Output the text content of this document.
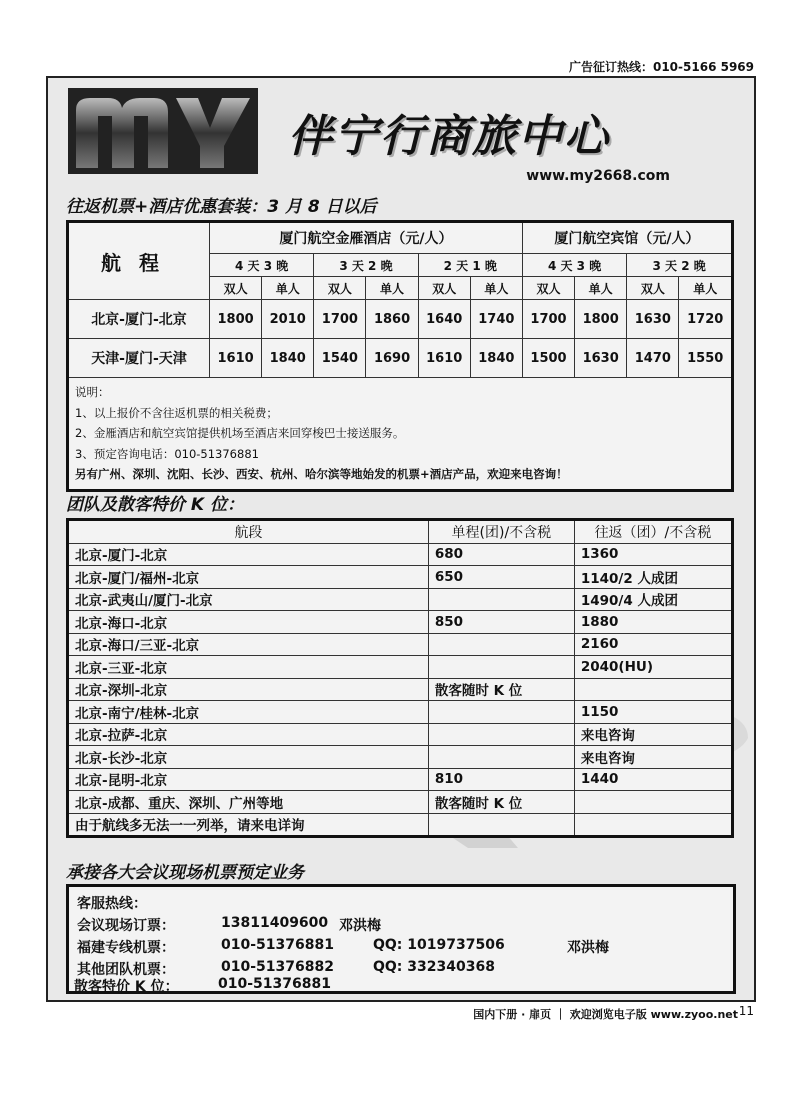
广告征订热线：010-5166 5969
伴宁行商旅中心
www.my2668.com
往返机票+酒店优惠套装：3 月 8 日以后
航程	厦门航空金雁酒店（元/人）						厦门航空宾馆（元/人）			
	4 天 3 晚		3 天 2 晚		2 天 1 晚		4 天 3 晚		3 天 2 晚	
	双人	单人	双人	单人	双人	单人	双人	单人	双人	单人
北京-厦门-北京	1800	2010	1700	1860	1640	1740	1700	1800	1630	1720
天津-厦门-天津	1610	1840	1540	1690	1610	1840	1500	1630	1470	1550

说明：
1、以上报价不含往返机票的相关税费；
2、金雁酒店和航空宾馆提供机场至酒店来回穿梭巴士接送服务。
3、预定咨询电话：010-51376881
另有广州、深圳、沈阳、长沙、西安、杭州、哈尔滨等地始发的机票+酒店产品，欢迎来电咨询！										
团队及散客特价 K 位：
航段	单程(团)/不含税	往返（团）/不含税
北京-厦门-北京	680	1360
北京-厦门/福州-北京	650	1140/2 人成团
北京-武夷山/厦门-北京		1490/4 人成团
北京-海口-北京	850	1880
北京-海口/三亚-北京		2160
北京-三亚-北京		2040(HU)
北京-深圳-北京	散客随时 K 位	
北京-南宁/桂林-北京		1150
北京-拉萨-北京		来电咨询
北京-长沙-北京		来电咨询
北京-昆明-北京	810	1440
北京-成都、重庆、深圳、广州等地	散客随时 K 位	
由于航线多无法一一列举，请来电详询		
承接各大会议现场机票预定业务
客服热线：
会议现场订票：	13811409600 邓洪梅
福建专线机票：	010-51376881	QQ: 1019737506	邓洪梅
其他团队机票：	010-51376882	QQ: 332340368
散客特价 K 位：	010-51376881
国内下册 · 扉页 ｜ 欢迎浏览电子版 www.zyoo.net 11
